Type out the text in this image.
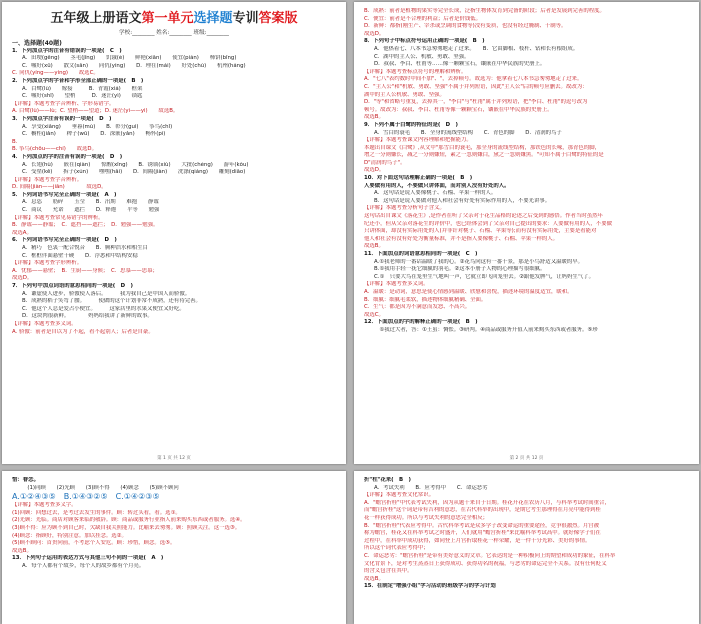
五年级上册语文第一单元选择题专训答案版
学校:________ 姓名:________ 班级:________
一、选择题(40题)
1．下列加点字的注音有错误的一项是(　C　)
A．田埂(gěng)　　茎毛(jīng)　　饥饿(è)　　鲜艳(xiān)　　使宜(pián)　　柿饼(bǐng)
C．嘘好(xū)　　散文(sǎn)　　同仇(yíng)　　D．理在(mái)　　好处(chù)　　杭州(háng)
C. 同仇(yíng——yíng)　　故选C。
2．下列加点字的字音和字形全部正确的一项是(　B　)
A．白鹭(lù)　　嫁接　　　B．青霞(xiá)　　框架
C．嘘好(shī)　　望梢　　　D．迷茫(yì)　　锁匙
【详解】本题考查字音辨析、字形易错字。
A. 白鹭(lù)——lù；C. 望梢——望道；D. 迷茫(yì——yì)　　故选B。
3．下列加点字注音有误的一项是(　D　)
A．享受(xiǎng)　　垂暮(mù)　　B．彰分(guì)　　筝鸟(chǐ)
C．橱柜(jiǎn)　　稗子(wū)　　D．深嵌(yǎn)　　畅怀(pì)
B.
B. 筝鸟(chōu——chí)　　故选D。
4．下列加点的字的注音有误的一项是(　D　)
A．长翅(hù)　　嵌在(qiàn)　　惊醒(xǐng)　　B．锈锁(xiù)　　大批(chéng)　　游年(kǒu)
C．受垒(kě)　　拆子(xún)　　嘿嘿(hāi)　　D．间隔(jiàn)　　洗涤(qiáng)　　雕刻(diāo)
【详解】本题考查字音辨析。
D. 间隔(jiàn——jiān)　　　　故选D。
5．下列词语书写完全正确的一项是(　A　)
A．息恣　　筋碎　　玉莹　　B．汛期　　难抱　　静谧
C．商议　　允诺　　遮拦　　D．释迦　　平等　　勉强
【详解】本题考查常见易错字的辨析。
B．静谧——静谧；　C．遮挡——遮拦；　D．勉强——勉强。
故选A。
6．下列词语书写完全正确的一项是(　D　)
A．精巧　色衷一配合悦音　　B．腾种浩水和相生目
C．框框伴面悬壁干硬　　D．浮悉和中结构安稳
【详解】本题考查字形辨析。
A．忧郁——悬壁；　B．生厨——身候；　C．思慕——思慕；
故选D。
7．下列句中加点词语的意思相同的一项是(　D　)
A．谦虚使人进步，骄傲使人落后。　　　我为我自己是中国人而骄傲。
B．成熟的稻子笑弯了腰。　　　使做的这个计划非常不成熟，还有待完善。
C．他这个人总是爱占小便宜。　　　这家店里的水果又便宜又好吃。
D．这块肉很新鲜。　　　　妈妈给我讲了新鲜的故事。
【详解】本题考查多义词。
A. 骄傲：前者是自以为了不起，看不起别人；后者是自豪。
第 1 页 共 12 页
B．成熟：前者是植物的果实等完全长成，泛指生物体发育到完备的阶段；后者是发展到完善的程度。
C．便宜：前者是不合理的利益；后者是价钱低。
D．新鲜：都指(刚生产、宰杀或烹调的食物等)没有变质，也没有经过腌制、干制等。
故选D。
8．下列句子中标点符号运用正确的一项是(　B　)
A．他热着七、八本书急匆匆地走了过来。　　B．它由脚根、枝杆、钻和长有根组成。
C．湖中的主人公、机敏、勇敢、坚强。
D．叔叔、李白、杜甫等……像一颗颗宝石，镶嵌在中华民族的史册上。
【详解】本题考查标点符号的理解和辨析。
A．"七八"表约数时中间不加"、"，去掉顿号。故选为：他拿着七八本书急匆匆地走了过来。
C．"主人公"和"机敏、勇敢、坚强"不属于并列短语，因此"主人公"后的顿号应删去。故改为：
湖中的主人公机敏、勇敢、坚强。
D．"等"和省略号重复，去掉其一，"李白"与"杜甫"属于并列短语，把"李白、杜甫"的逗号改为
顿号。故改为：叔叔、李白、杜甫等像一颗颗宝石，镶嵌在中华民族的史册上。
故选B。
9．下列不属于白鹭的特征的是(　D　)
A．雪白的蓑毛　　B．全身的流线型结构　　C．青色的脚　　D．清润的鸟子
【详解】本题考查课文内容理解和把握能力。
本题出自课文《白鹭》,从文中"那雪白的蓑毛，那全身的流线型结构，那铁色的长喙，那青色的脚，
增之一分则嫌长，减之一分则嫌短，素之一忽则嫌白，黛之一忽则嫌黑。"可知不属于白鹭的特征的是
D"清润的鸟子"。
故选D。
10．对下面这句话理解正确的一项是(　B　)
人要做有用的人，不要做只讲体面，而对别人没有好处的人。
A．这句话是说人要像桃子、石榴、苹果一样的人。
B．这句话是说人要做对他人和社会有好处有实际作用的人，不要光讲事。
【详解】本题考查分析句子含义。
这句话出自课文《落花生》,是作者在听了父亲对于花生品格的论述之后受到的感悟。作者当时虽然年
纪还小，但从父亲对落花生的评价中，也已经体会到了父亲对自己提出的要求：人要做有用的人，不要做
只讲体面，却没有实际用处的人(并非针对桃子、石榴、苹果等);而有没有实际用处，主要是看能对
他人和社会有没有好处为衡量标准，并不是指人要像桃子、石榴、苹果一样的人。
故选B。
11．下面加点的词语意思相同的一项是(　C　)
A.①我老师的一番话温暖了我的心。②花鸟向这有一番千景，那是小鸟舒适又温暖的早。
B.①我用手轻一抚它细腻的羽毛。②这本小册子人物的心理描写很细腻。
C.①　只要大鸟在笼里生气地叫一声，它就立即飞回笼里去。②跟他发脾气，让妈妈生气了。
【详解】本题考查多义词。
A．温暖：是动词，意思是使心情感到温暖、欣慰和喜悦，描述环境的温度适宜，暖和。
B．细腻：细腻毛柔软，描述物体细腻精确、全面。
C．生气：都是因为不满意而发怒、不高兴。
故选C。
12．下面加点的字的解释正确的一项是(　B　)
　①我过大者，答：①王虽：惆怅。③研判。④商品或服务升值人前来购买东西或者服务。⑤珍
第 2 页 共 12 页
惜：眷恋。
　(1)同顾　　(2)光顾　　(3)顾不得　　(4)顾念　　(5)顾不顾问
A.①②④③⑤　B.①④③②⑤　C.①④②③⑤
【详解】本题考查多义字。
(1)回顾：回想过去，是考过去发生的事件。顾：转过头看，看。选①。
(2)光顾：光临。商店对顾客来临的敬辞。顾：商品或服务行业指人前来购买东西或者服务。选④。
(3)顾不得：应为顾不到自己时，欠缺自我关照能力。比喻来去匆匆。顾：照顾关注。这一选③。
(4)顾念：指顾好，特别注意。加以挂念。选②。
(5)顾不顾问：首贵向前，不考虑个人安危。顾：珍惜，顾念。选⑤。
故选B。
13．下列句子运用的表达方式与其他三句不同的一项是(　A　)
A．每个人都有个故乡，每个人的故乡都有个月亮。
折"柱"花来(　B　)
A．考试失利　　B．应考得中　　C．命运恶劣
【详解】本题考查文化常识。
A．"蟾宫折桂"中代表考试失利，因为从题干来自于日期。桂花开花在农历八月，与科举考试时间重合，
而"蟾宫折桂"这个词是带有吉利的意思，在古代科举的出现中，是期它考生那理得在月亮中能得到桂
花一样获得成功。所以与考试失利的意思完全相反；
B．"蟾宫折桂"代表应考得中。古代科举考试是众多学子改变命运的重要途径，竞争很激烈。月宫被
称为蟾宫，桂花又在科举考试之时盛开，人们就用"蟾宫折桂"来比喻科举考试高中。就好像学子们在
过程中，在科举中成功获得，如同登上月宫折取桂花一样荣耀，是一件十分光彩、美好的事情。
所以这个词代表应考得中；
C．命运恶劣："蟾宫折桂"是带有美好意义的文章。它表达的是一种积极向上的期望和成功的象征，在科举
文化背景下，是对考生蒸蒸日上获得成功、获得功名的祝福，与恶劣的命运完全不关系。没有任何贬义
的含义包含在其中。
故选B。
15．在制定"增强小组"学习活动的班级学习的学习计划
